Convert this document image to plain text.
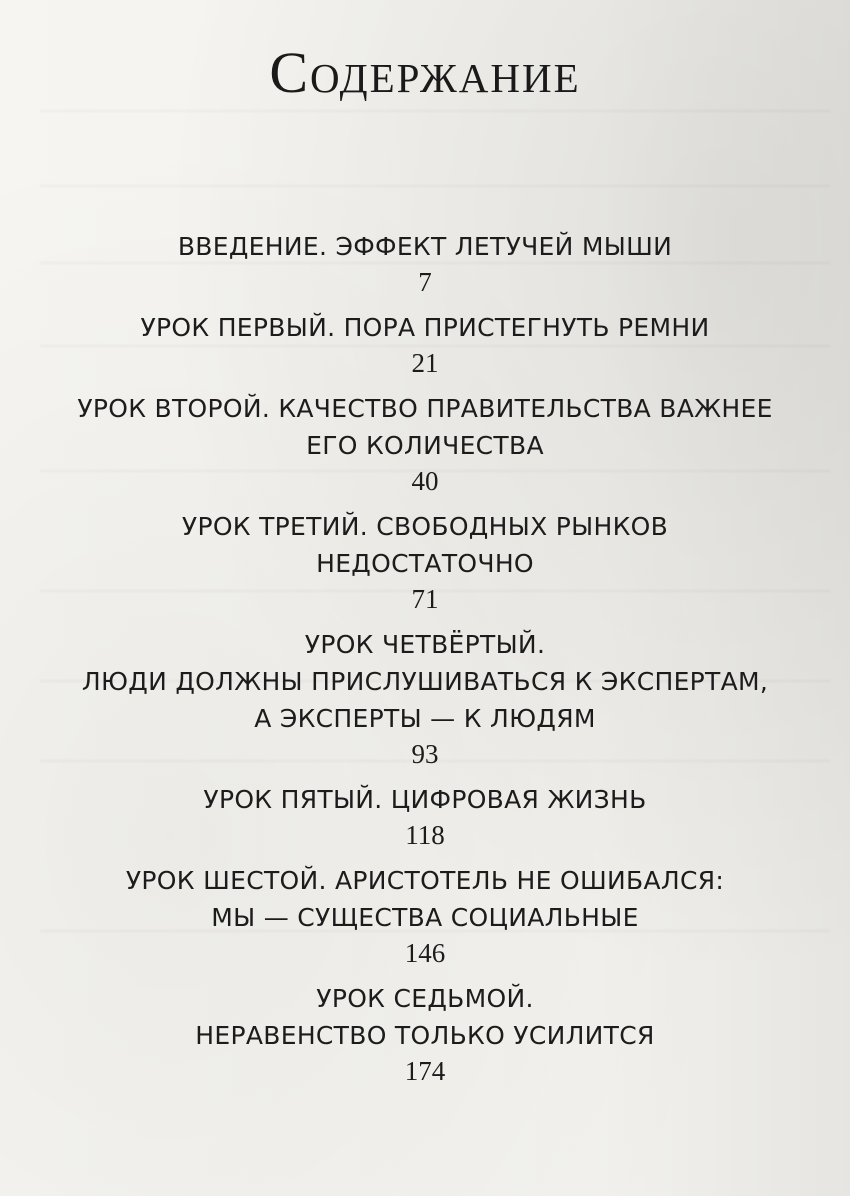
Содержание
ВВЕДЕНИЕ. ЭФФЕКТ ЛЕТУЧЕЙ МЫШИ
7
УРОК ПЕРВЫЙ. ПОРА ПРИСТЕГНУТЬ РЕМНИ
21
УРОК ВТОРОЙ. КАЧЕСТВО ПРАВИТЕЛЬСТВА ВАЖНЕЕ
ЕГО КОЛИЧЕСТВА
40
УРОК ТРЕТИЙ. СВОБОДНЫХ РЫНКОВ
НЕДОСТАТОЧНО
71
УРОК ЧЕТВЁРТЫЙ.
ЛЮДИ ДОЛЖНЫ ПРИСЛУШИВАТЬСЯ К ЭКСПЕРТАМ,
А ЭКСПЕРТЫ — К ЛЮДЯМ
93
УРОК ПЯТЫЙ. ЦИФРОВАЯ ЖИЗНЬ
118
УРОК ШЕСТОЙ. АРИСТОТЕЛЬ НЕ ОШИБАЛСЯ:
МЫ — СУЩЕСТВА СОЦИАЛЬНЫЕ
146
УРОК СЕДЬМОЙ.
НЕРАВЕНСТВО ТОЛЬКО УСИЛИТСЯ
174
